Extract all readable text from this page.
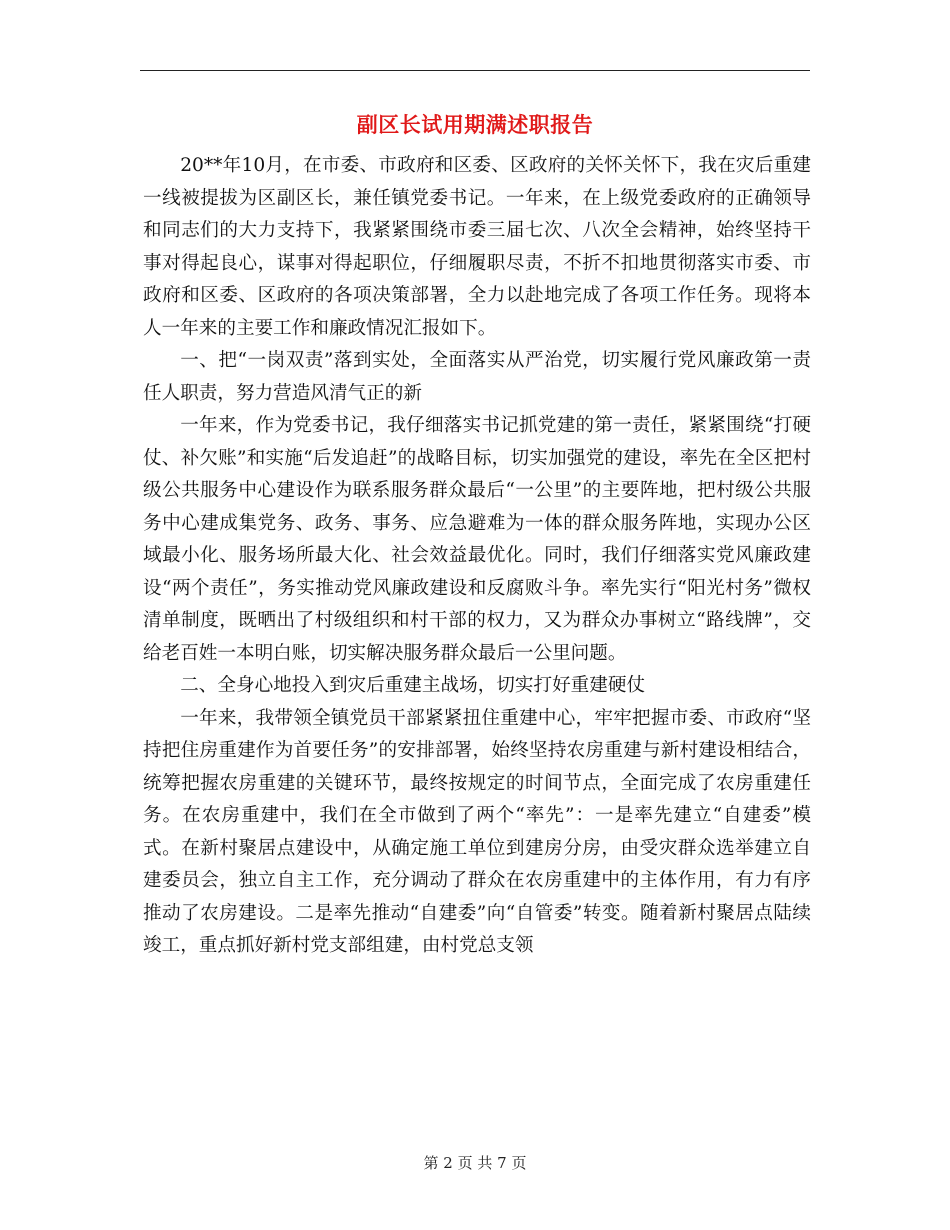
副区长试用期满述职报告

20**年10月，在市委、市政府和区委、区政府的关怀关怀下，我在灾后重建一线被提拔为区副区长，兼任镇党委书记。一年来，在上级党委政府的正确领导和同志们的大力支持下，我紧紧围绕市委三届七次、八次全会精神，始终坚持干事对得起良心，谋事对得起职位，仔细履职尽责，不折不扣地贯彻落实市委、市政府和区委、区政府的各项决策部署，全力以赴地完成了各项工作任务。现将本人一年来的主要工作和廉政情况汇报如下。

一、把“一岗双责”落到实处，全面落实从严治党，切实履行党风廉政第一责任人职责，努力营造风清气正的新

一年来，作为党委书记，我仔细落实书记抓党建的第一责任，紧紧围绕“打硬仗、补欠账”和实施“后发追赶”的战略目标，切实加强党的建设，率先在全区把村级公共服务中心建设作为联系服务群众最后“一公里”的主要阵地，把村级公共服务中心建成集党务、政务、事务、应急避难为一体的群众服务阵地，实现办公区域最小化、服务场所最大化、社会效益最优化。同时，我们仔细落实党风廉政建设“两个责任”，务实推动党风廉政建设和反腐败斗争。率先实行“阳光村务”微权清单制度，既晒出了村级组织和村干部的权力，又为群众办事树立“路线牌”，交给老百姓一本明白账，切实解决服务群众最后一公里问题。

二、全身心地投入到灾后重建主战场，切实打好重建硬仗

一年来，我带领全镇党员干部紧紧扭住重建中心，牢牢把握市委、市政府“坚持把住房重建作为首要任务”的安排部署，始终坚持农房重建与新村建设相结合，统筹把握农房重建的关键环节，最终按规定的时间节点，全面完成了农房重建任务。在农房重建中，我们在全市做到了两个“率先”：一是率先建立“自建委”模式。在新村聚居点建设中，从确定施工单位到建房分房，由受灾群众选举建立自建委员会，独立自主工作，充分调动了群众在农房重建中的主体作用，有力有序推动了农房建设。二是率先推动“自建委”向“自管委”转变。随着新村聚居点陆续竣工，重点抓好新村党支部组建，由村党总支领

第 2 页 共 7 页
